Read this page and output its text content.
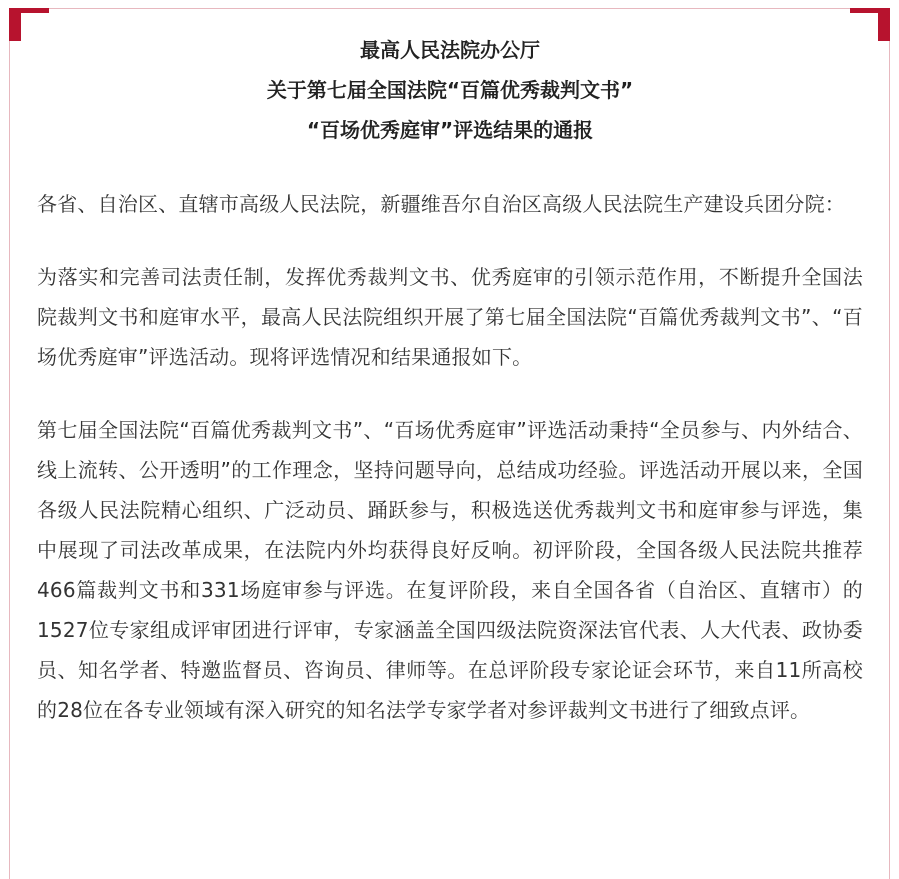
最高人民法院办公厅

关于第七届全国法院“百篇优秀裁判文书”

“百场优秀庭审”评选结果的通报

各省、自治区、直辖市高级人民法院，新疆维吾尔自治区高级人民法院生产建设兵团分院：

为落实和完善司法责任制，发挥优秀裁判文书、优秀庭审的引领示范作用，不断提升全国法院裁判文书和庭审水平，最高人民法院组织开展了第七届全国法院“百篇优秀裁判文书”、“百场优秀庭审”评选活动。现将评选情况和结果通报如下。

第七届全国法院“百篇优秀裁判文书”、“百场优秀庭审”评选活动秉持“全员参与、内外结合、线上流转、公开透明”的工作理念，坚持问题导向，总结成功经验。评选活动开展以来，全国各级人民法院精心组织、广泛动员、踊跃参与，积极选送优秀裁判文书和庭审参与评选，集中展现了司法改革成果，在法院内外均获得良好反响。初评阶段，全国各级人民法院共推荐466篇裁判文书和331场庭审参与评选。在复评阶段，来自全国各省（自治区、直辖市）的1527位专家组成评审团进行评审，专家涵盖全国四级法院资深法官代表、人大代表、政协委员、知名学者、特邀监督员、咨询员、律师等。在总评阶段专家论证会环节，来自11所高校的28位在各专业领域有深入研究的知名法学专家学者对参评裁判文书进行了细致点评。
